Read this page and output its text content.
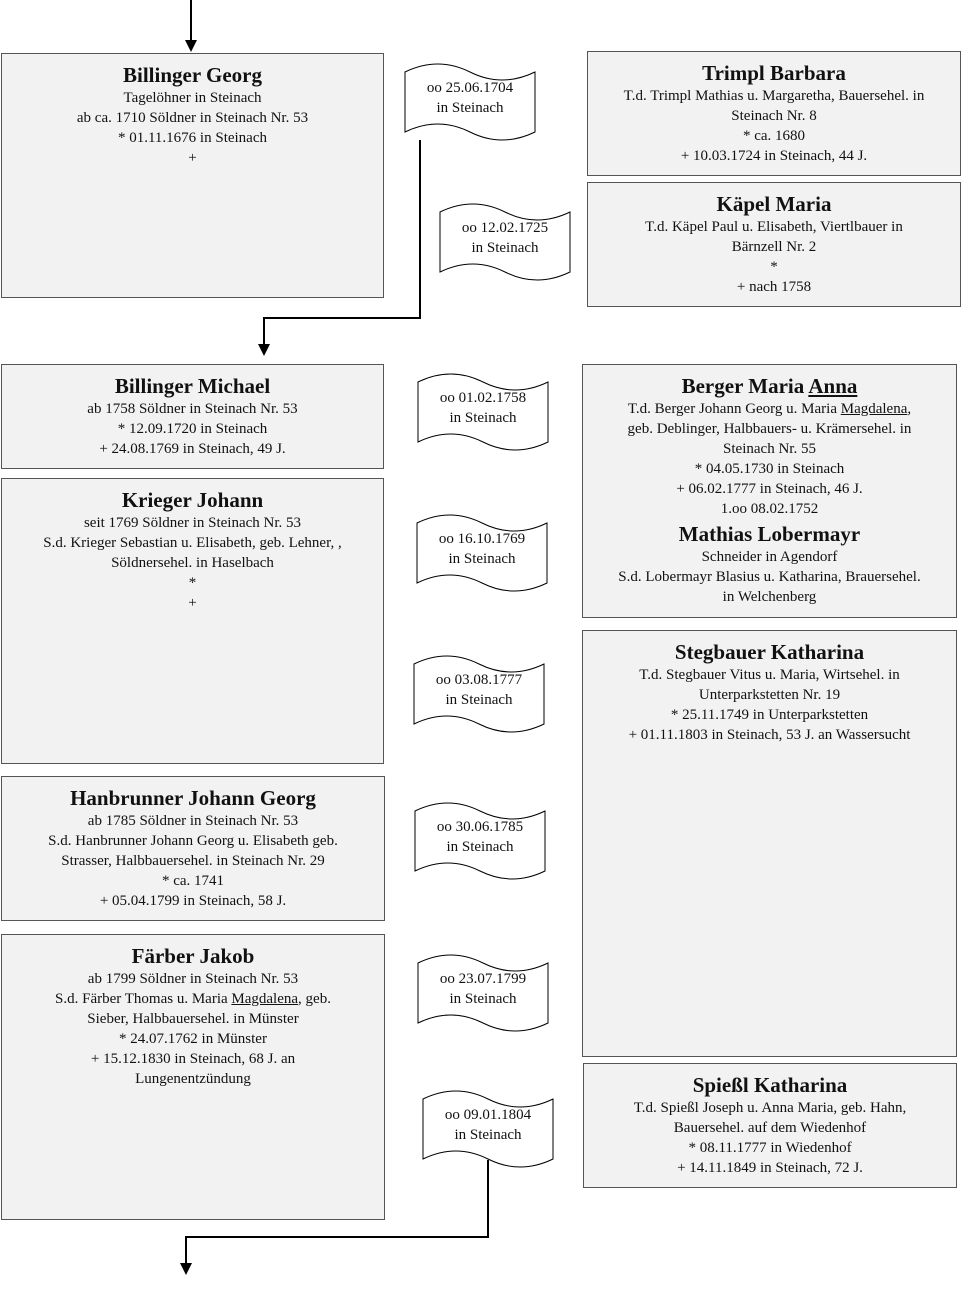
Billinger Georg
Tagelöhner in Steinach
ab ca. 1710 Söldner in Steinach Nr. 53
* 01.11.1676 in Steinach
+
Trimpl Barbara
T.d. Trimpl Mathias u. Margaretha, Bauersehel. in
Steinach Nr. 8
* ca. 1680
+ 10.03.1724 in Steinach, 44 J.
Käpel Maria
T.d. Käpel Paul u. Elisabeth, Viertlbauer in
Bärnzell Nr. 2
*
+ nach 1758
Billinger Michael
ab 1758 Söldner in Steinach Nr. 53
* 12.09.1720 in Steinach
+ 24.08.1769 in Steinach, 49 J.
Berger Maria Anna
T.d. Berger Johann Georg u. Maria Magdalena,
geb. Deblinger, Halbbauers- u. Krämersehel. in
Steinach Nr. 55
* 04.05.1730 in Steinach
+ 06.02.1777 in Steinach, 46 J.
1.oo 08.02.1752
Mathias Lobermayr
Schneider in Agendorf
S.d. Lobermayr Blasius u. Katharina, Brauersehel.
in Welchenberg
Krieger Johann
seit 1769 Söldner in Steinach Nr. 53
S.d. Krieger Sebastian u. Elisabeth, geb. Lehner, ,
Söldnersehel. in Haselbach
*
+
Stegbauer Katharina
T.d. Stegbauer Vitus u. Maria, Wirtsehel. in
Unterparkstetten Nr. 19
* 25.11.1749 in Unterparkstetten
+ 01.11.1803 in Steinach, 53 J. an Wassersucht
Hanbrunner Johann Georg
ab 1785 Söldner in Steinach Nr. 53
S.d. Hanbrunner Johann Georg u. Elisabeth geb.
Strasser, Halbbauersehel. in Steinach Nr. 29
* ca. 1741
+ 05.04.1799 in Steinach, 58 J.
Färber Jakob
ab 1799 Söldner in Steinach Nr. 53
S.d. Färber Thomas u. Maria Magdalena, geb.
Sieber, Halbbauersehel. in Münster
* 24.07.1762 in Münster
+ 15.12.1830 in Steinach, 68 J. an
Lungenentzündung	Spießl Katharina
T.d. Spießl Joseph u. Anna Maria, geb. Hahn,
Bauersehel. auf dem Wiedenhof
* 08.11.1777 in Wiedenhof
+ 14.11.1849 in Steinach, 72 J.
oo 25.06.1704
in Steinach
oo 12.02.1725
in Steinach
oo 01.02.1758
in Steinach
oo 16.10.1769
in Steinach
oo 03.08.1777
in Steinach
oo 30.06.1785
in Steinach
oo 23.07.1799
in Steinach
oo 09.01.1804
in Steinach
